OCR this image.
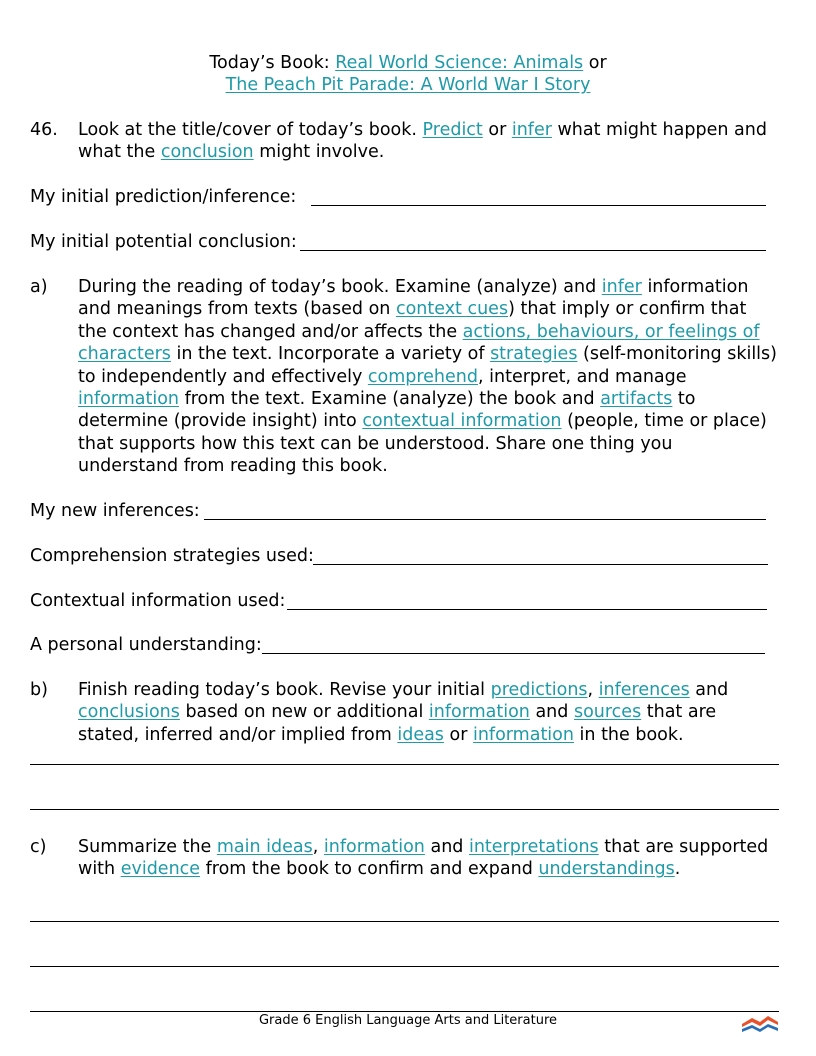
Today’s Book: Real World Science: Animals or
The Peach Pit Parade: A World War I Story
46. Look at the title/cover of today’s book. Predict or infer what might happen and what the conclusion might involve.
My initial prediction/inference:
My initial potential conclusion:
a) During the reading of today’s book. Examine (analyze) and infer information and meanings from texts (based on context cues) that imply or confirm that the context has changed and/or affects the actions, behaviours, or feelings of characters in the text. Incorporate a variety of strategies (self-monitoring skills) to independently and effectively comprehend, interpret, and manage information from the text. Examine (analyze) the book and artifacts to determine (provide insight) into contextual information (people, time or place) that supports how this text can be understood. Share one thing you understand from reading this book.
My new inferences:
Comprehension strategies used:
Contextual information used:
A personal understanding:
b) Finish reading today’s book. Revise your initial predictions, inferences and conclusions based on new or additional information and sources that are stated, inferred and/or implied from ideas or information in the book.
c) Summarize the main ideas, information and interpretations that are supported with evidence from the book to confirm and expand understandings.
Grade 6 English Language Arts and Literature
